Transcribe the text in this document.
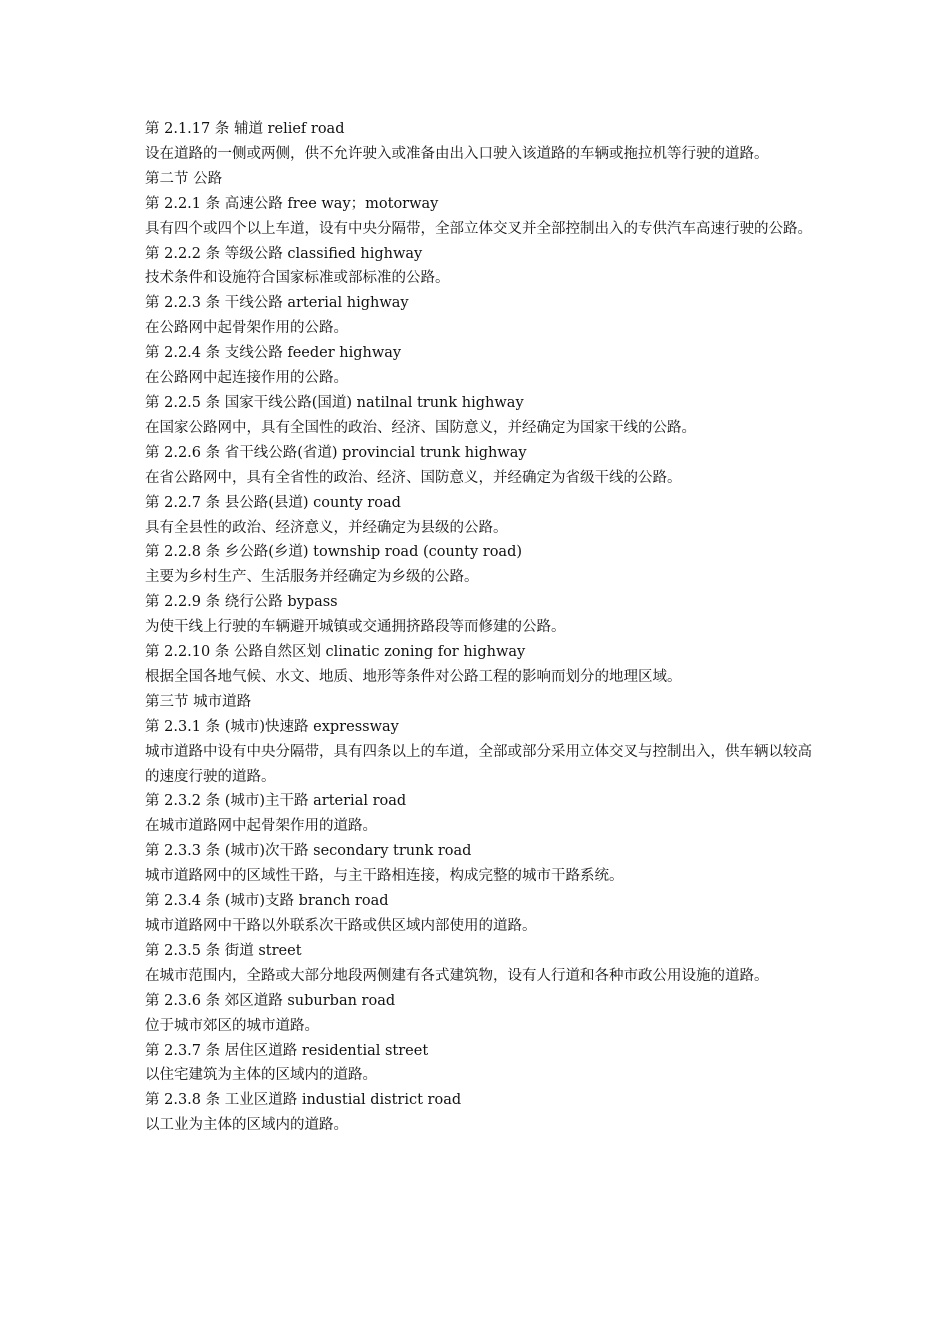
第 2.1.17 条 辅道 relief road

设在道路的一侧或两侧，供不允许驶入或准备由出入口驶入该道路的车辆或拖拉机等行驶的道路。

第二节 公路

第 2.2.1 条 高速公路 free way；motorway

具有四个或四个以上车道，设有中央分隔带，全部立体交叉并全部控制出入的专供汽车高速行驶的公路。

第 2.2.2 条 等级公路 classified highway

技术条件和设施符合国家标准或部标准的公路。

第 2.2.3 条 干线公路 arterial highway

在公路网中起骨架作用的公路。

第 2.2.4 条 支线公路 feeder highway

在公路网中起连接作用的公路。

第 2.2.5 条 国家干线公路(国道) natilnal trunk highway

在国家公路网中，具有全国性的政治、经济、国防意义，并经确定为国家干线的公路。

第 2.2.6 条 省干线公路(省道) provincial trunk highway

在省公路网中，具有全省性的政治、经济、国防意义，并经确定为省级干线的公路。

第 2.2.7 条 县公路(县道) county road

具有全县性的政治、经济意义，并经确定为县级的公路。

第 2.2.8 条 乡公路(乡道) township road (county road)

主要为乡村生产、生活服务并经确定为乡级的公路。

第 2.2.9 条 绕行公路 bypass

为使干线上行驶的车辆避开城镇或交通拥挤路段等而修建的公路。

第 2.2.10 条 公路自然区划 clinatic zoning for highway

根据全国各地气候、水文、地质、地形等条件对公路工程的影响而划分的地理区域。

第三节 城市道路

第 2.3.1 条 (城市)快速路 expressway

城市道路中设有中央分隔带，具有四条以上的车道，全部或部分采用立体交叉与控制出入，供车辆以较高的速度行驶的道路。

第 2.3.2 条 (城市)主干路 arterial road

在城市道路网中起骨架作用的道路。

第 2.3.3 条 (城市)次干路 secondary trunk road

城市道路网中的区域性干路，与主干路相连接，构成完整的城市干路系统。

第 2.3.4 条 (城市)支路 branch road

城市道路网中干路以外联系次干路或供区域内部使用的道路。

第 2.3.5 条 街道 street

在城市范围内，全路或大部分地段两侧建有各式建筑物，设有人行道和各种市政公用设施的道路。

第 2.3.6 条 郊区道路 suburban road

位于城市郊区的城市道路。

第 2.3.7 条 居住区道路 residential street

以住宅建筑为主体的区域内的道路。

第 2.3.8 条 工业区道路 industial district road

以工业为主体的区域内的道路。
